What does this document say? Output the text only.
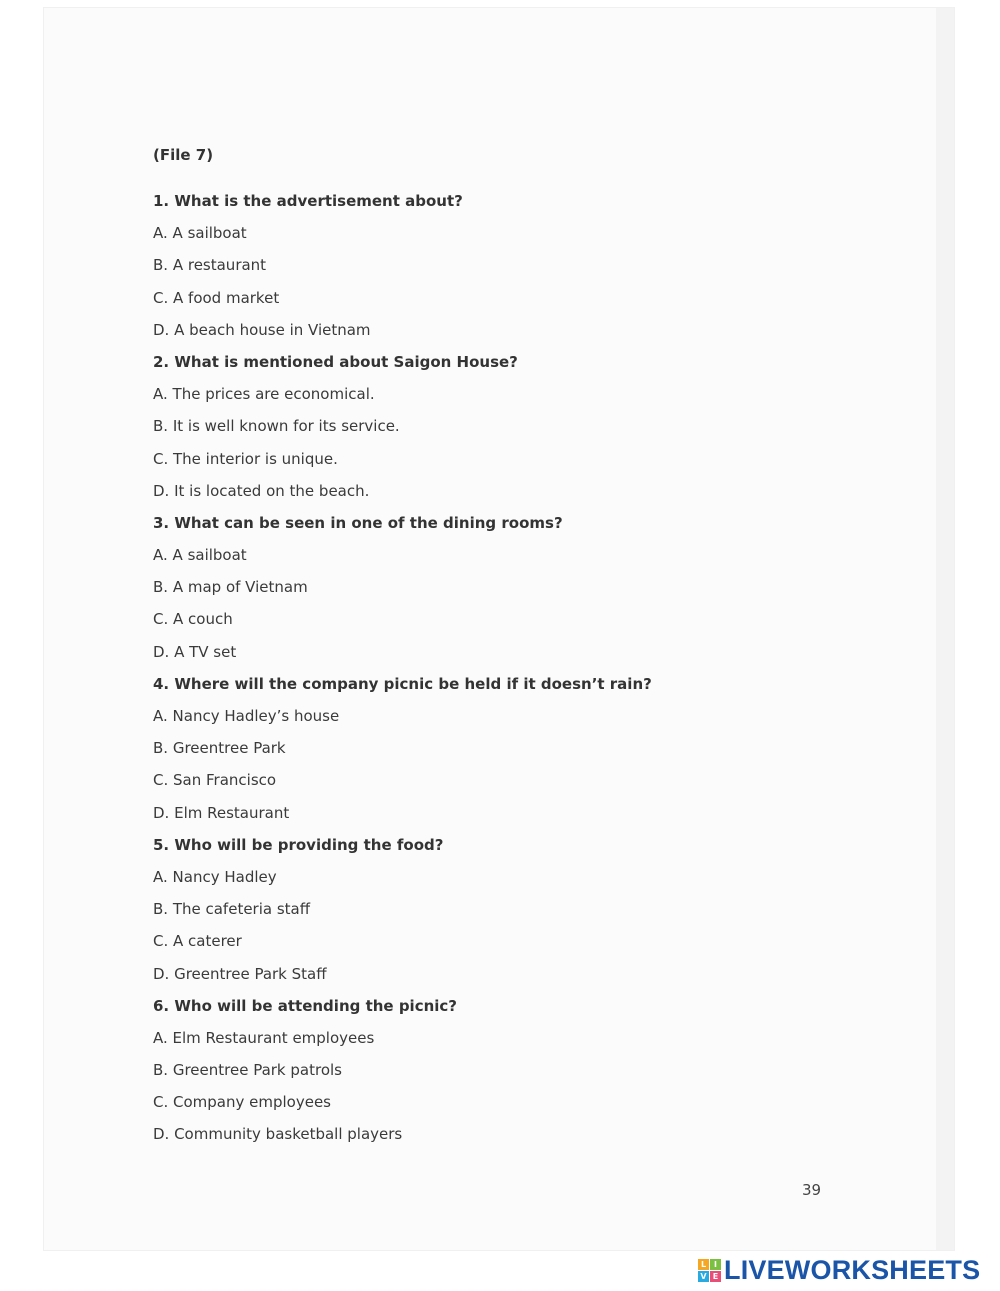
(File 7)
1. What is the advertisement about?
A. A sailboat
B. A restaurant
C. A food market
D. A beach house in Vietnam
2. What is mentioned about Saigon House?
A. The prices are economical.
B. It is well known for its service.
C. The interior is unique.
D. It is located on the beach.
3. What can be seen in one of the dining rooms?
A. A sailboat
B. A map of Vietnam
C. A couch
D. A TV set
4. Where will the company picnic be held if it doesn’t rain?
A. Nancy Hadley’s house
B. Greentree Park
C. San Francisco
D. Elm Restaurant
5. Who will be providing the food?
A. Nancy Hadley
B. The cafeteria staff
C. A caterer
D. Greentree Park Staff
6. Who will be attending the picnic?
A. Elm Restaurant employees
B. Greentree Park patrols
C. Company employees
D. Community basketball players
39
L I
V E LIVEWORKSHEETS
